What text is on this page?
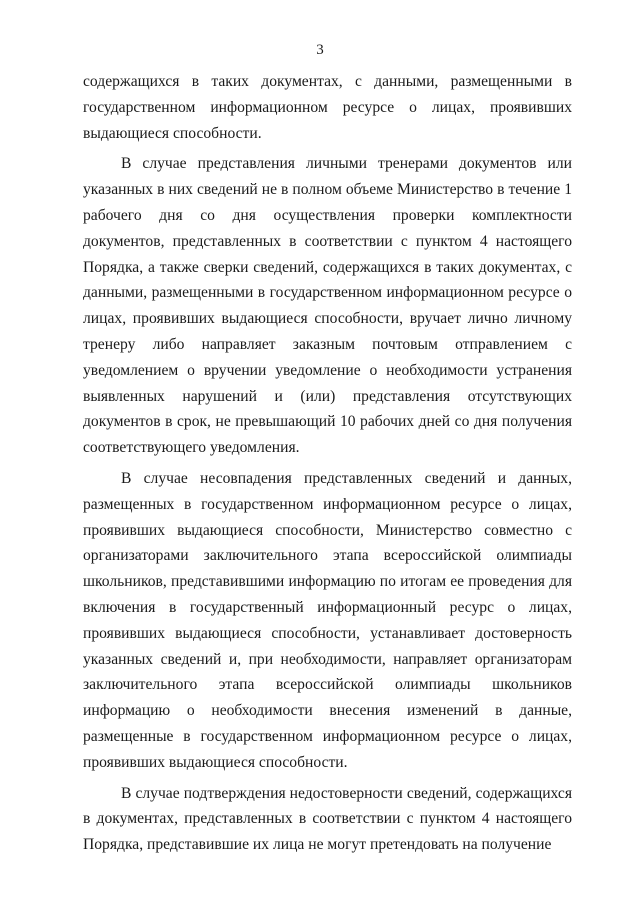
3

содержащихся в таких документах, с данными, размещенными в государственном информационном ресурсе о лицах, проявивших выдающиеся способности.

В случае представления личными тренерами документов или указанных в них сведений не в полном объеме Министерство в течение 1 рабочего дня со дня осуществления проверки комплектности документов, представленных в соответствии с пунктом 4 настоящего Порядка, а также сверки сведений, содержащихся в таких документах, с данными, размещенными в государственном информационном ресурсе о лицах, проявивших выдающиеся способности, вручает лично личному тренеру либо направляет заказным почтовым отправлением с уведомлением о вручении уведомление о необходимости устранения выявленных нарушений и (или) представления отсутствующих документов в срок, не превышающий 10 рабочих дней со дня получения соответствующего уведомления.

В случае несовпадения представленных сведений и данных, размещенных в государственном информационном ресурсе о лицах, проявивших выдающиеся способности, Министерство совместно с организаторами заключительного этапа всероссийской олимпиады школьников, представившими информацию по итогам ее проведения для включения в государственный информационный ресурс о лицах, проявивших выдающиеся способности, устанавливает достоверность указанных сведений и, при необходимости, направляет организаторам заключительного этапа всероссийской олимпиады школьников информацию о необходимости внесения изменений в данные, размещенные в государственном информационном ресурсе о лицах, проявивших выдающиеся способности.

В случае подтверждения недостоверности сведений, содержащихся в документах, представленных в соответствии с пунктом 4 настоящего Порядка, представившие их лица не могут претендовать на получение
